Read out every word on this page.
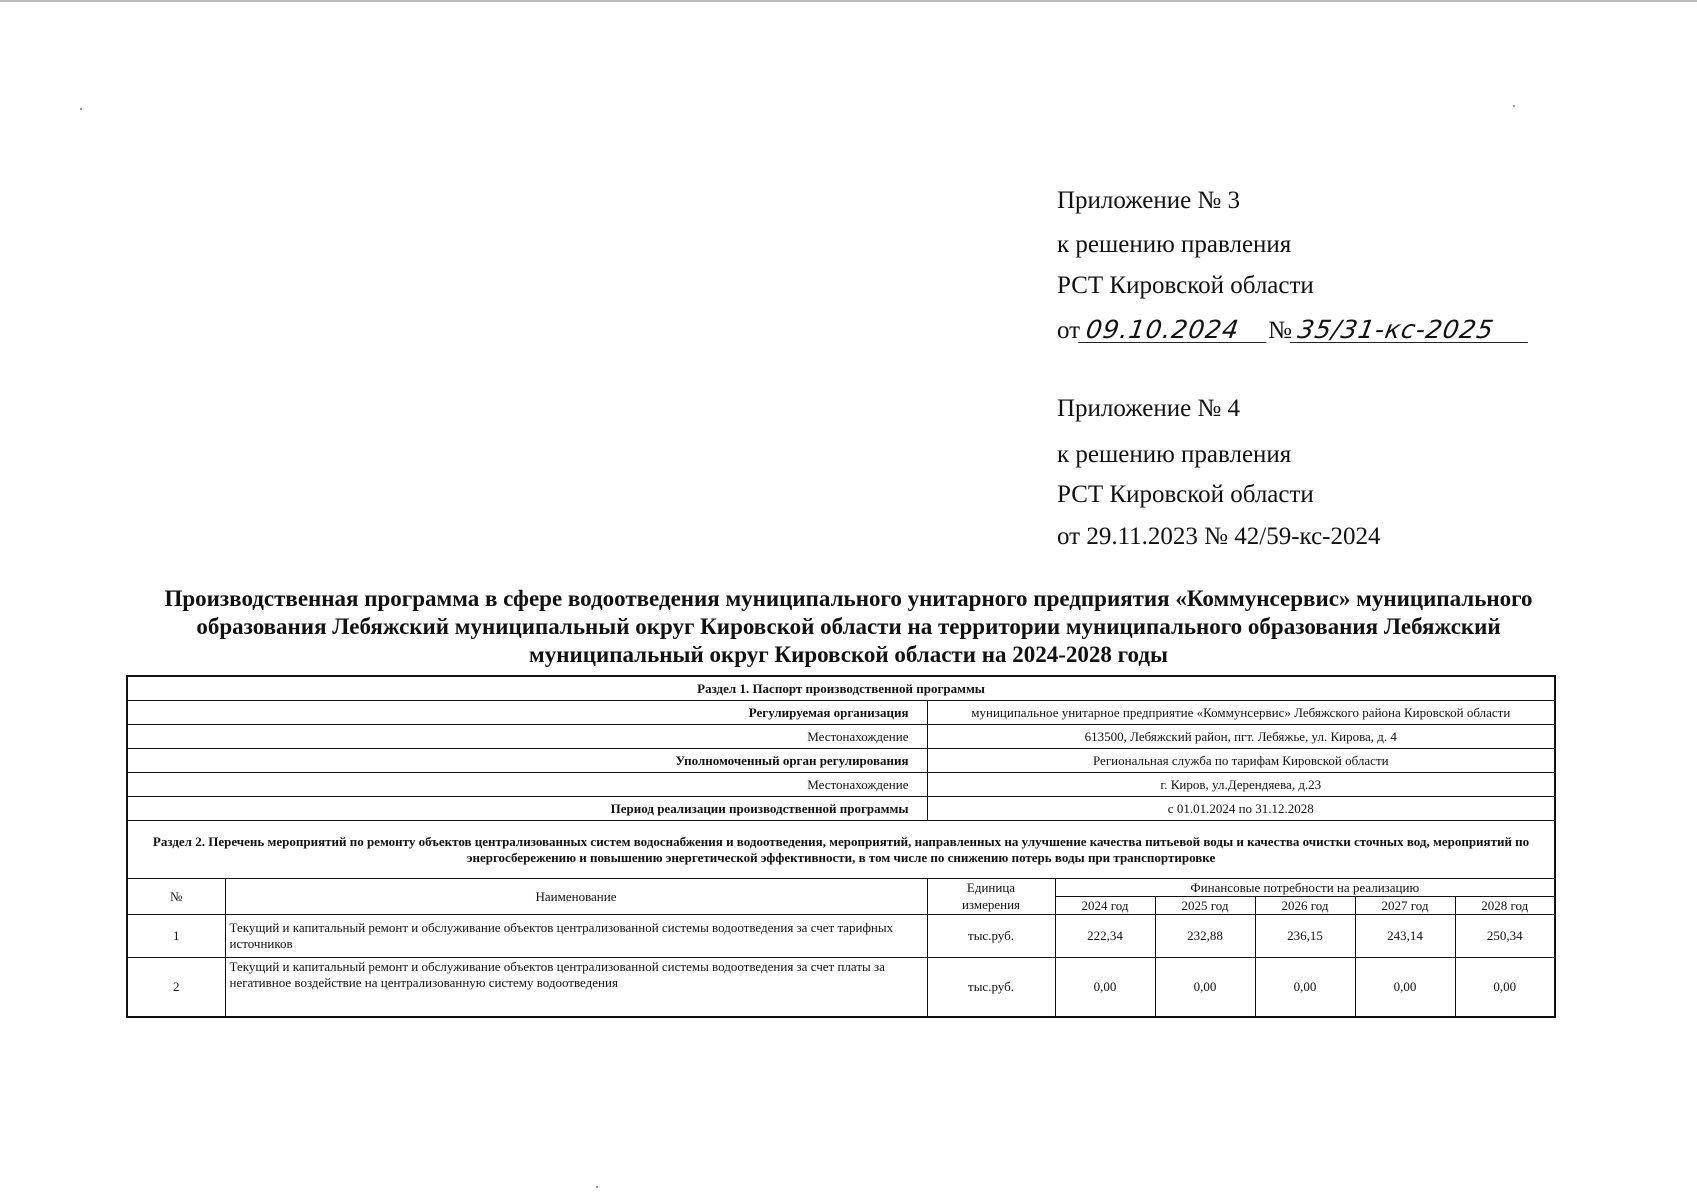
Приложение № 3
к решению правления
РСТ Кировской области
от 09.10.2024 № 35/31-кс-2025
Приложение № 4
к решению правления
РСТ Кировской области
от 29.11.2023 № 42/59-кс-2024
Производственная программа в сфере водоотведения муниципального унитарного предприятия «Коммунсервис» муниципального образования Лебяжский муниципальный округ Кировской области на территории муниципального образования Лебяжский муниципальный округ Кировской области на 2024-2028 годы
Раздел 1. Паспорт производственной программы							
Регулируемая организация		муниципальное унитарное предприятие «Коммунсервис» Лебяжского района Кировской области					
Местонахождение		613500, Лебяжский район, пгт. Лебяжье, ул. Кирова, д. 4					
Уполномоченный орган регулирования		Региональная служба по тарифам Кировской области					
Местонахождение		г. Киров, ул.Дерендяева, д.23					
Период реализации производственной программы		с 01.01.2024 по 31.12.2028					
Раздел 2. Перечень мероприятий по ремонту объектов централизованных систем водоснабжения и водоотведения, мероприятий, направленных на улучшение качества питьевой воды и качества очистки сточных вод, мероприятий по энергосбережению и повышению энергетической эффективности, в том числе по снижению потерь воды при транспортировке							
№	Наименование	Единица	Финансовые потребности на реализацию				
		измерения	2024 год	2025 год	2026 год	2027 год	2028 год
1	Текущий и капитальный ремонт и обслуживание объектов централизованной системы водоотведения за счет тарифных источников	тыс.руб.	222,34	232,88	236,15	243,14	250,34
2	Текущий и капитальный ремонт и обслуживание объектов централизованной системы водоотведения за счет платы за негативное воздействие на централизованную систему водоотведения	тыс.руб.	0,00	0,00	0,00	0,00	0,00
